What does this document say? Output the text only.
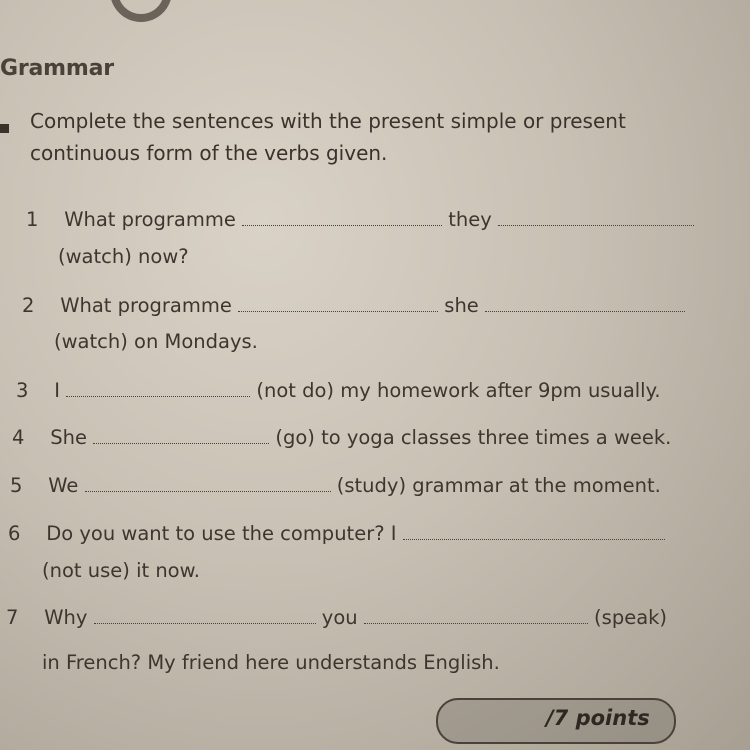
Grammar
Complete the sentences with the present simple or present
continuous form of the verbs given.
1 What programme	they
(watch) now?
2 What programme	she
(watch) on Mondays.
3 I	(not do) my homework after 9pm usually.
4 She	(go) to yoga classes three times a week.
5 We	(study) grammar at the moment.
6 Do you want to use the computer? I
(not use) it now.
7 Why	you	(speak)
in French? My friend here understands English.
/7 points
